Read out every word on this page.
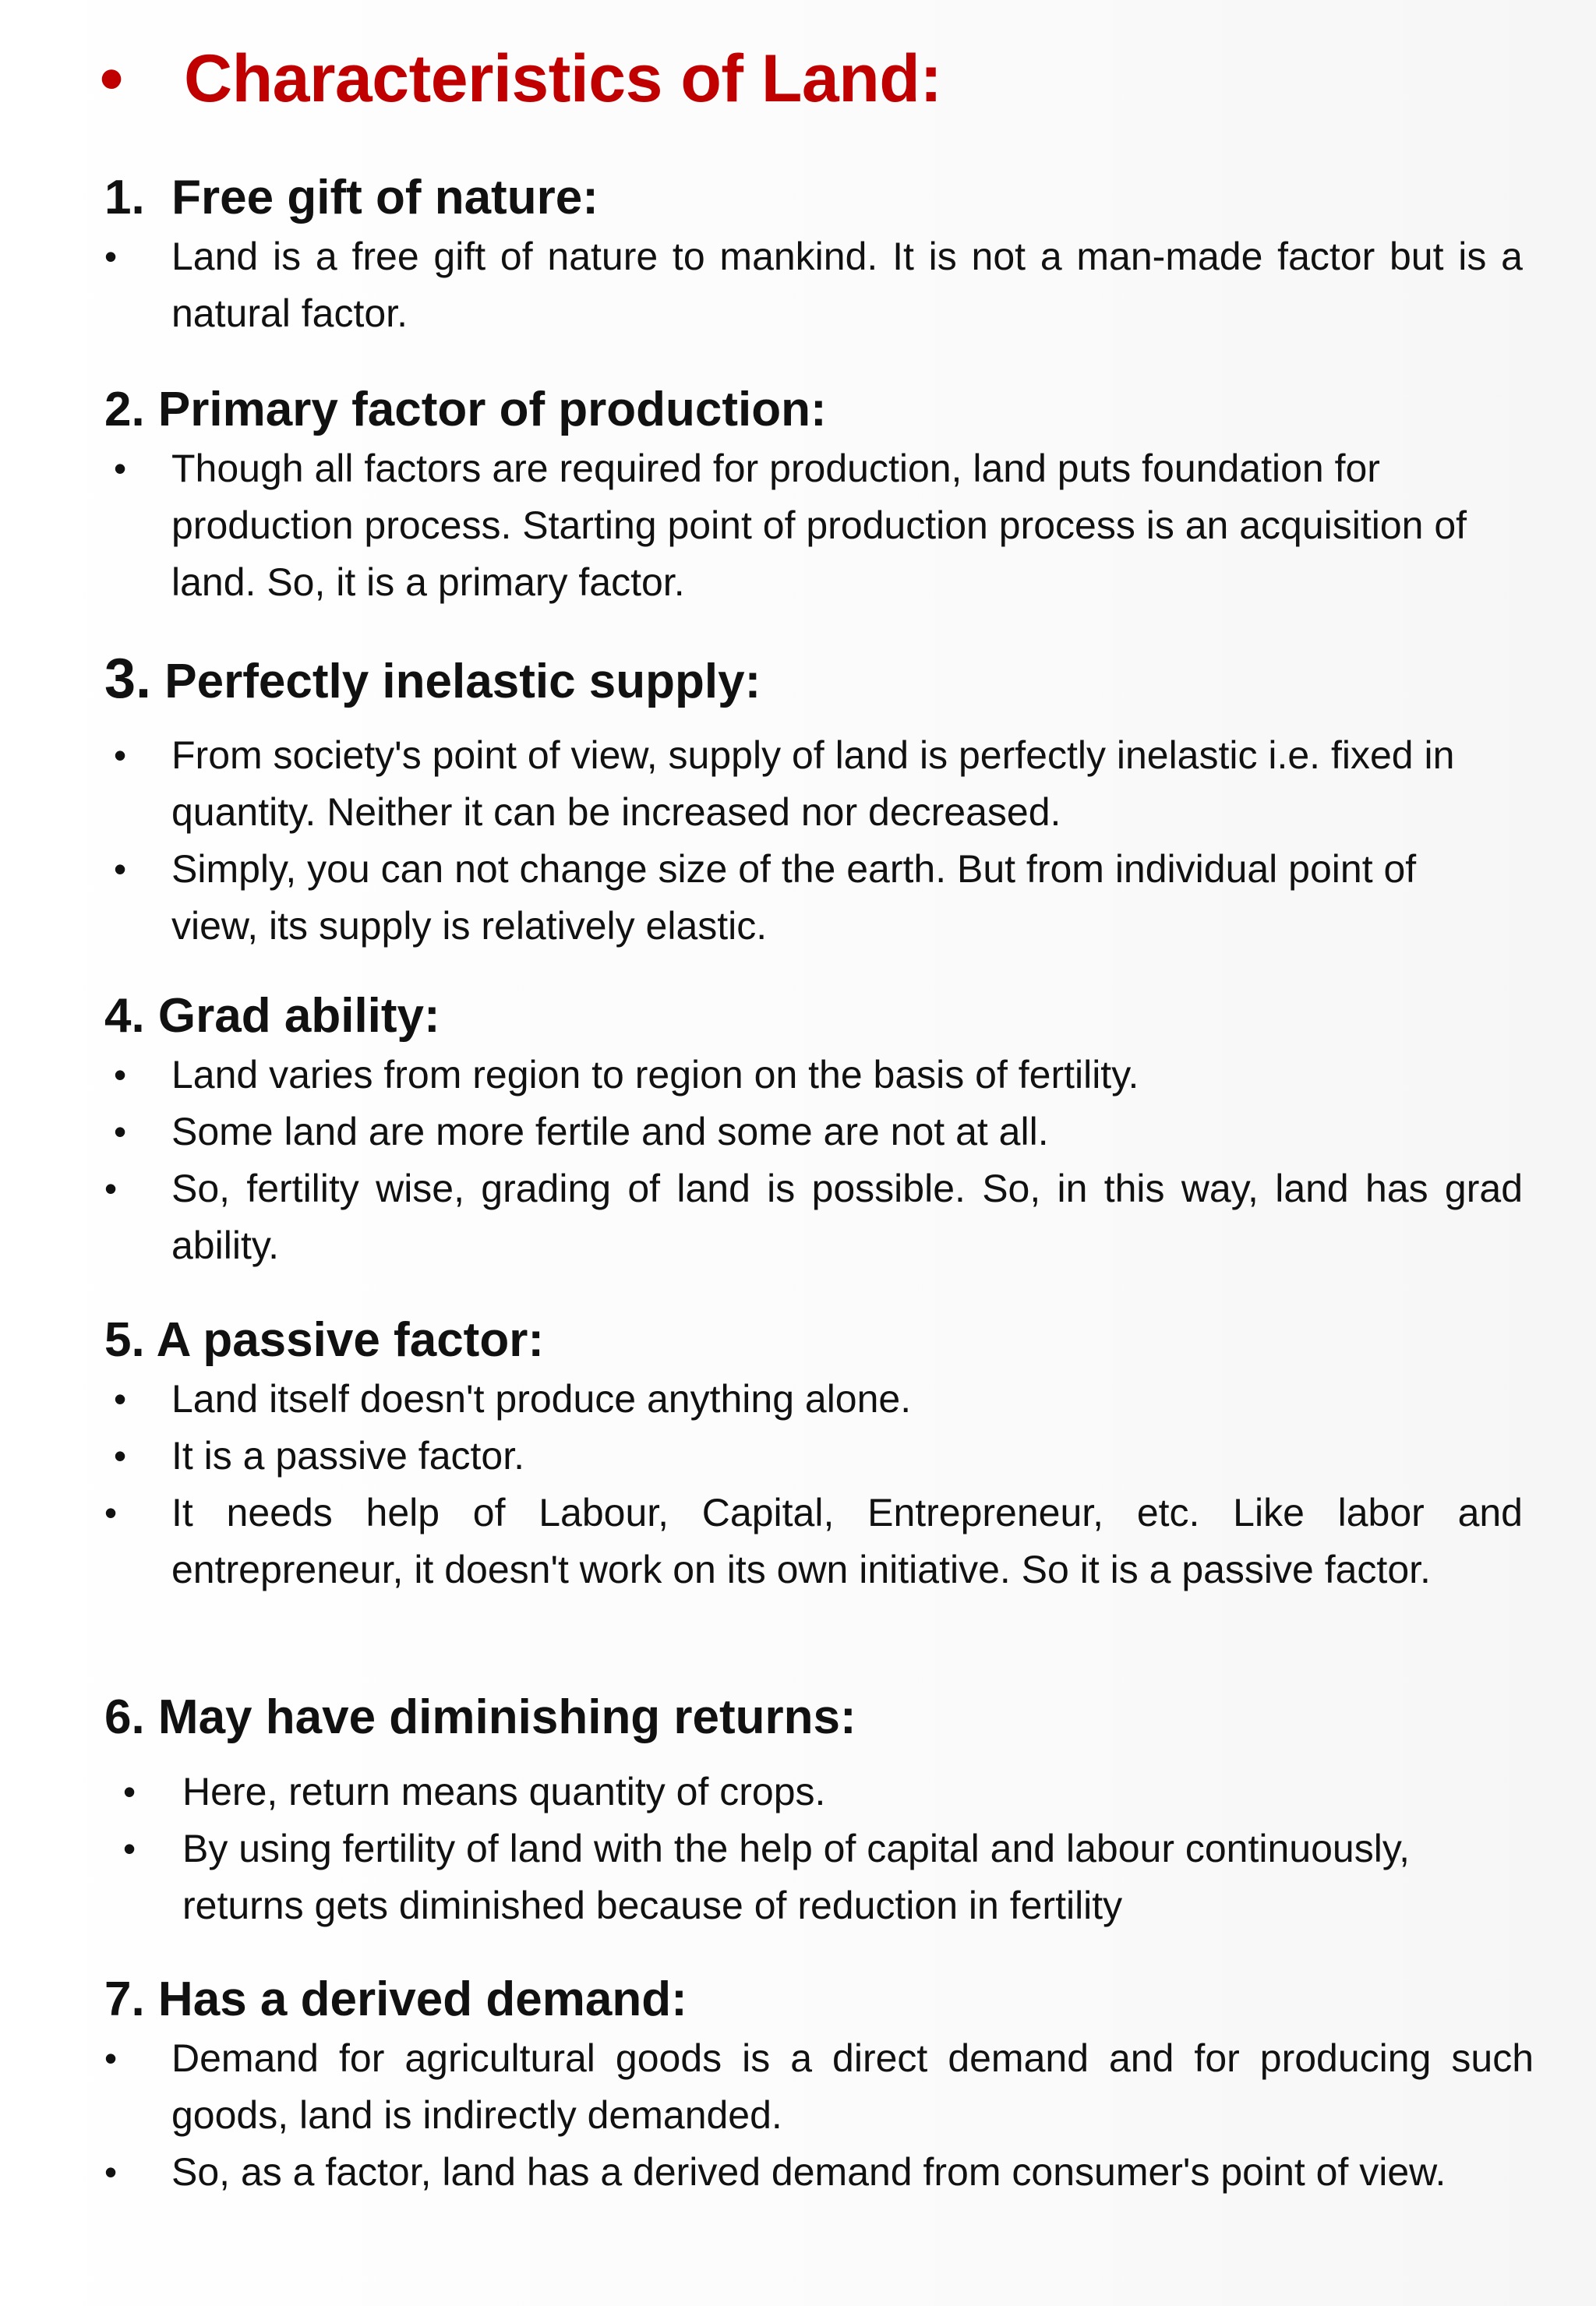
• Characteristics of Land:
1.  Free gift of nature:
•	Land is a free gift of nature to mankind. It is not a man-made factor but is a natural factor.
2. Primary factor of production:
• Though all factors are required for production, land puts foundation for production process. Starting point of production process is an acquisition of land. So, it is a primary factor.
3. Perfectly inelastic supply:
• From society's point of view, supply of land is perfectly inelastic i.e. fixed in quantity. Neither it can be increased nor decreased.
• Simply, you can not change size of the earth. But from individual point of view, its supply is relatively elastic.
4. Grad ability:
• Land varies from region to region on the basis of fertility.
• Some land are more fertile and some are not at all.
•	So, fertility wise, grading of land is possible. So, in this way, land has grad ability.
5. A passive factor:
• Land itself doesn't produce anything alone.
• It is a passive factor.
•	It needs help of Labour, Capital, Entrepreneur, etc. Like labor and entrepreneur, it doesn't work on its own initiative. So it is a passive factor.
6. May have diminishing returns:
• Here, return means quantity of crops.
• By using fertility of land with the help of capital and labour continuously, returns gets diminished because of reduction in fertility
7. Has a derived demand:
•	Demand for agricultural goods is a direct demand and for producing such goods, land is indirectly demanded.
•	So, as a factor, land has a derived demand from consumer's point of view.
